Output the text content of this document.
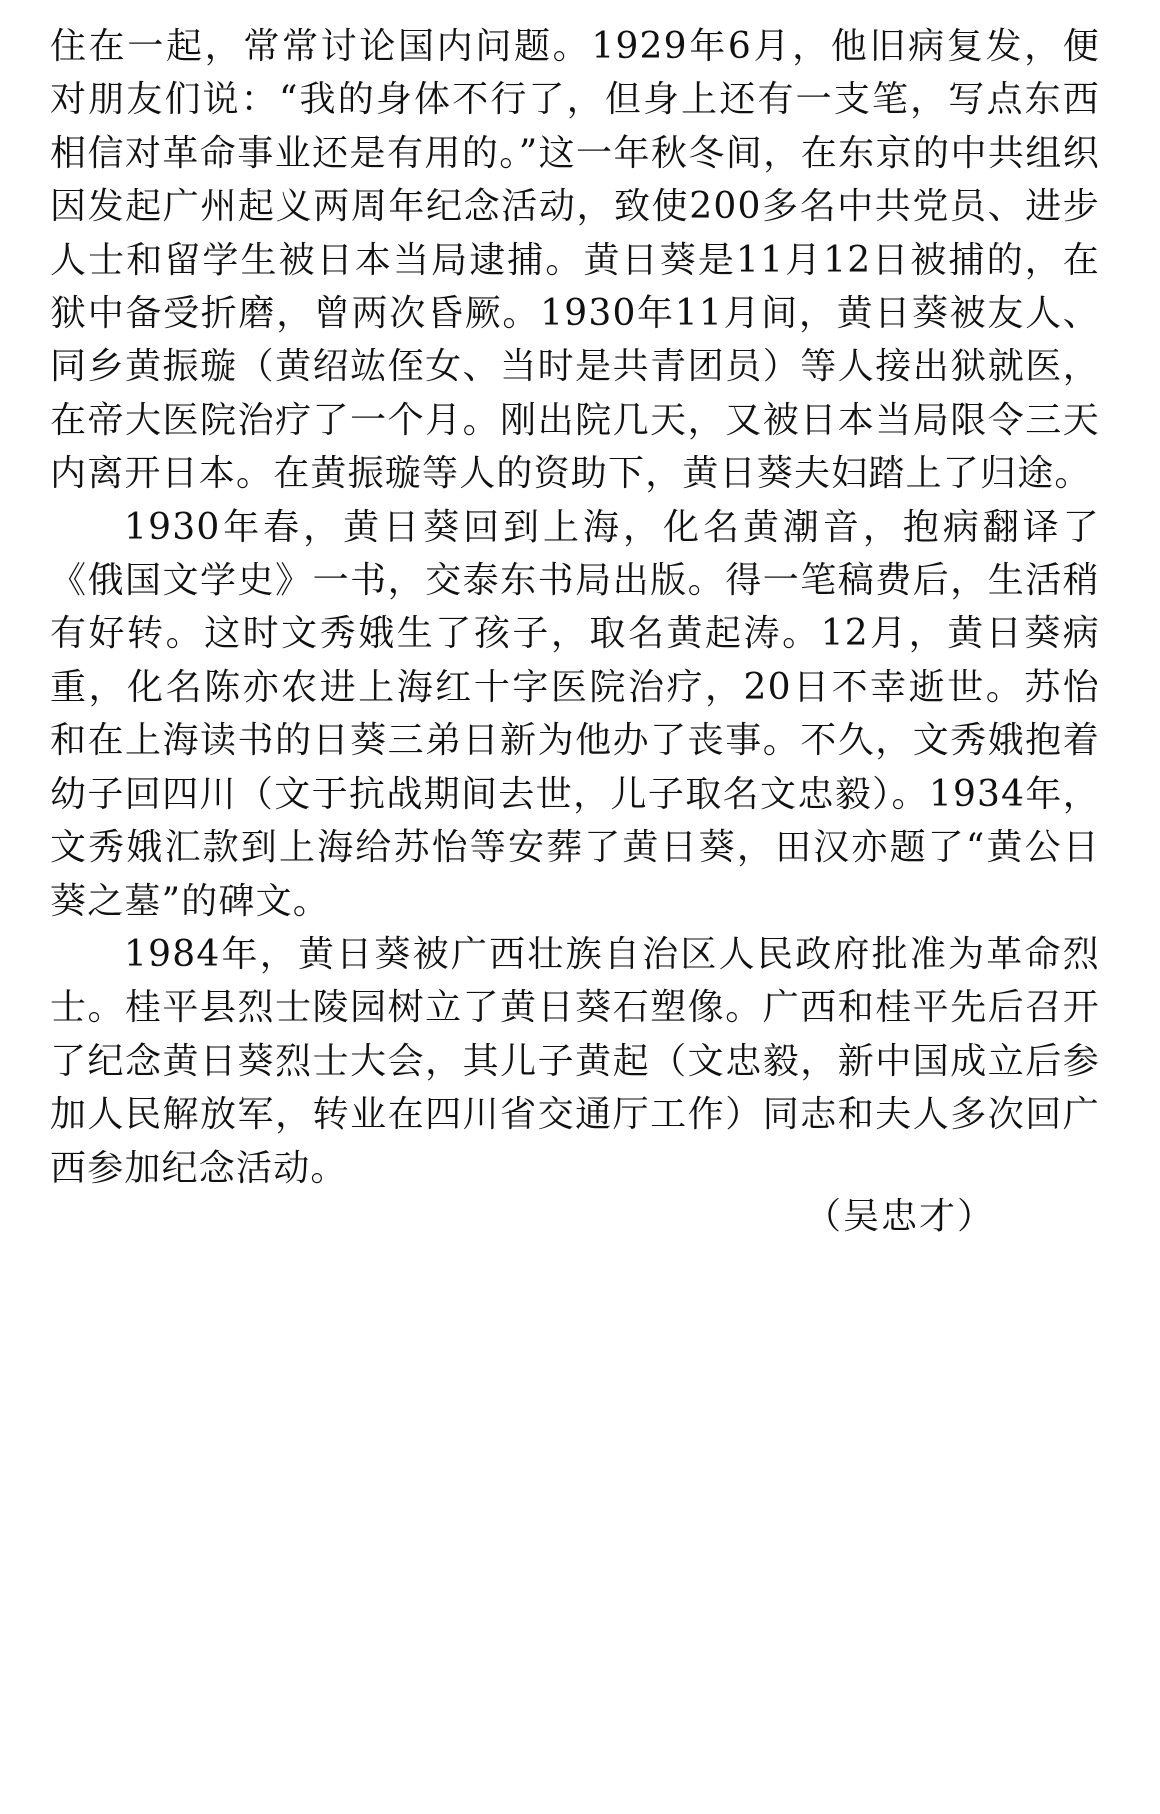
住在一起，常常讨论国内问题。1929年6月，他旧病复发，便对朋友们说：“我的身体不行了，但身上还有一支笔，写点东西相信对革命事业还是有用的。”这一年秋冬间，在东京的中共组织因发起广州起义两周年纪念活动，致使200多名中共党员、进步人士和留学生被日本当局逮捕。黄日葵是11月12日被捕的，在狱中备受折磨，曾两次昏厥。1930年11月间，黄日葵被友人、同乡黄振璇（黄绍竑侄女、当时是共青团员）等人接出狱就医，在帝大医院治疗了一个月。刚出院几天，又被日本当局限令三天内离开日本。在黄振璇等人的资助下，黄日葵夫妇踏上了归途。

1930年春，黄日葵回到上海，化名黄潮音，抱病翻译了《俄国文学史》一书，交泰东书局出版。得一笔稿费后，生活稍有好转。这时文秀娥生了孩子，取名黄起涛。12月，黄日葵病重，化名陈亦农进上海红十字医院治疗，20日不幸逝世。苏怡和在上海读书的日葵三弟日新为他办了丧事。不久，文秀娥抱着幼子回四川（文于抗战期间去世，儿子取名文忠毅）。1934年，文秀娥汇款到上海给苏怡等安葬了黄日葵，田汉亦题了“黄公日葵之墓”的碑文。

1984年，黄日葵被广西壮族自治区人民政府批准为革命烈士。桂平县烈士陵园树立了黄日葵石塑像。广西和桂平先后召开了纪念黄日葵烈士大会，其儿子黄起（文忠毅，新中国成立后参加人民解放军，转业在四川省交通厅工作）同志和夫人多次回广西参加纪念活动。

（吴忠才）
